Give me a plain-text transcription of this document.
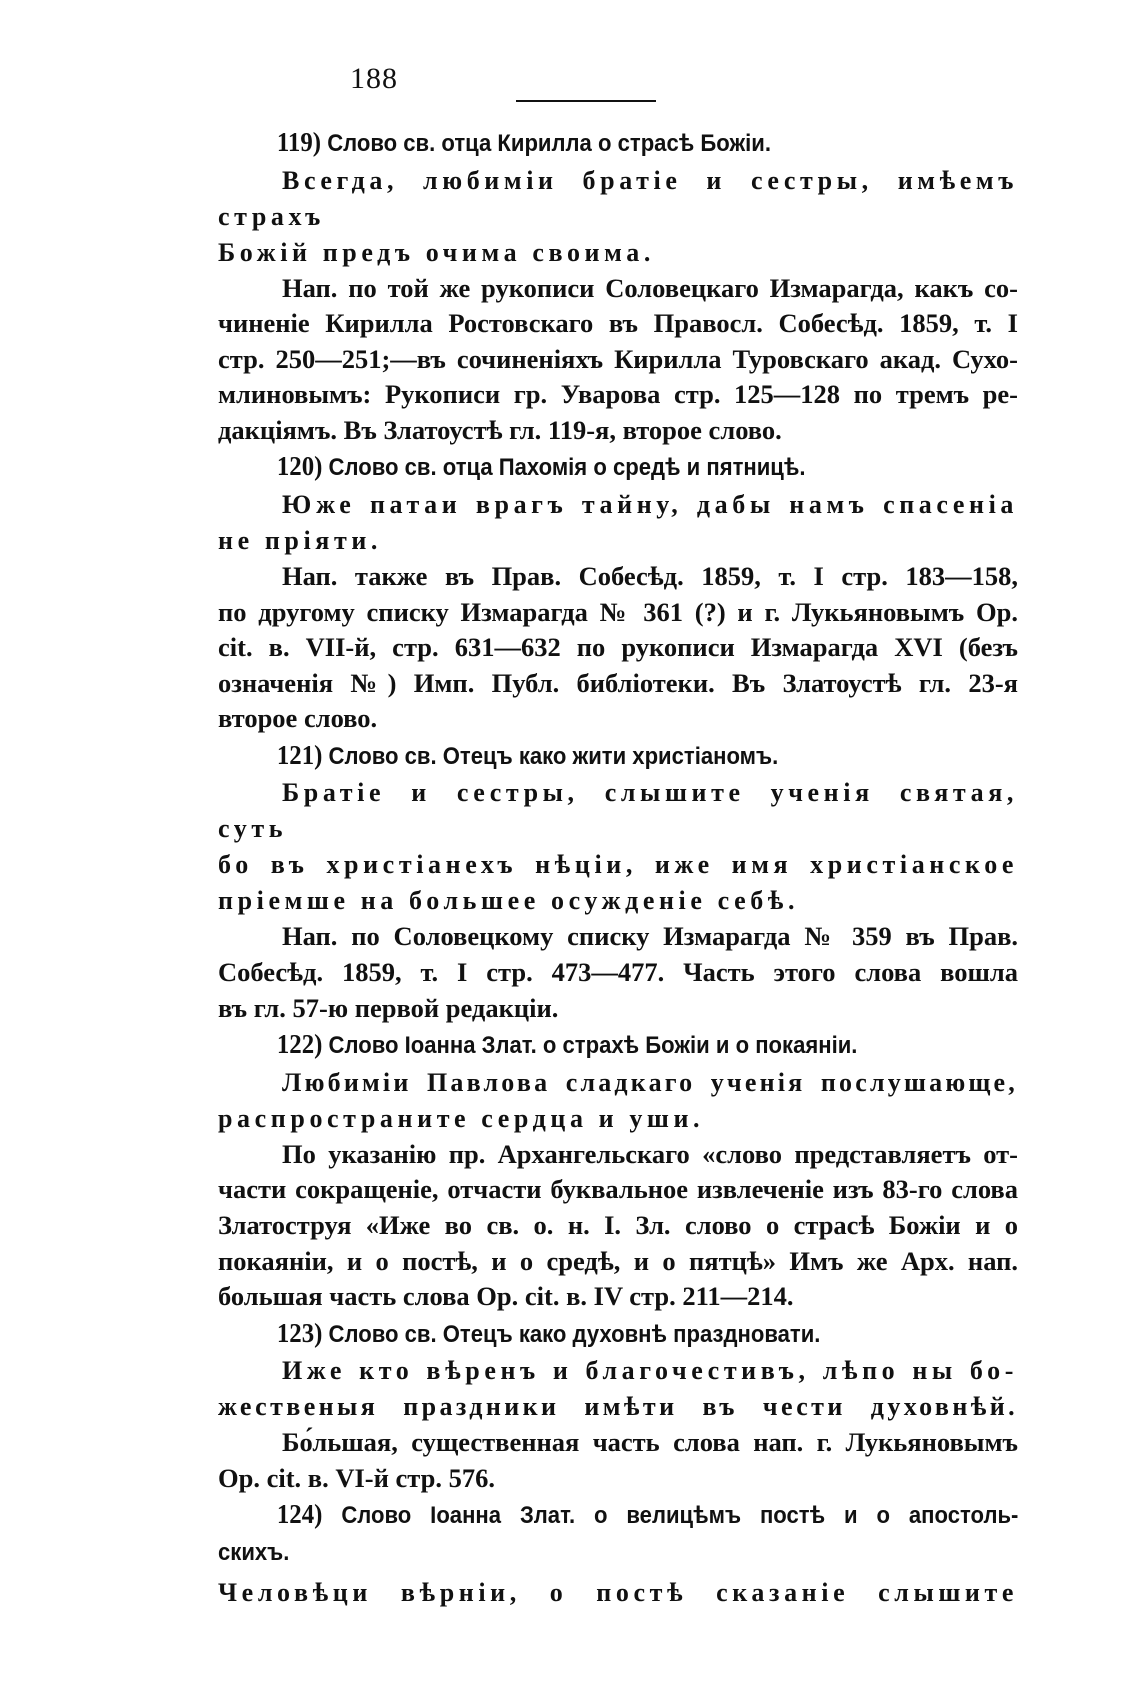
188

119) Слово св. отца Кирилла о страсѣ Божіи.

Всегда, любиміи братіе и сестры, имѣемъ страхъ
Божій предъ очима своима.

Нап. по той же рукописи Соловецкаго Измарагда, какъ со-
чиненіе Кирилла Ростовскаго въ Правосл. Собесѣд. 1859, т. I
стр. 250—251;—въ сочиненіяхъ Кирилла Туровскаго акад. Сухо-
млиновымъ: Рукописи гр. Уварова стр. 125—128 по тремъ ре-
дакціямъ. Въ Златоустѣ гл. 119-я, второе слово.

120) Слово св. отца Пахомія о средѣ и пятницѣ.

Юже патаи врагъ тайну, дабы намъ спасеніа
не пріяти.

Нап. также въ Прав. Собесѣд. 1859, т. I стр. 183—158,
по другому списку Измарагда № 361 (?) и г. Лукьяновымъ Ор.
cit. в. VII-й, стр. 631—632 по рукописи Измарагда XVI (безъ
означенія №) Имп. Публ. библіотеки. Въ Златоустѣ гл. 23-я
второе слово.

121) Слово св. Отецъ како жити христіаномъ.

Братіе и сестры, слышите ученія святая, суть
бо въ христіанехъ нѣціи, иже имя христіанское
пріемше на большее осужденіе себѣ.

Нап. по Соловецкому списку Измарагда № 359 въ Прав.
Собесѣд. 1859, т. I стр. 473—477. Часть этого слова вошла
въ гл. 57-ю первой редакціи.

122) Слово Іоанна Злат. о страхѣ Божіи и о покаяніи.

Любиміи Павлова сладкаго ученія послушающе,
распространите сердца и уши.

По указанію пр. Архангельскаго «слово представляетъ от-
части сокращеніе, отчасти буквальное извлеченіе изъ 83-го слова
Златоструя «Иже во св. о. н. І. Зл. слово о страсѣ Божіи и о
покаяніи, и о постѣ, и о средѣ, и о пятцѣ» Имъ же Арх. нап.
большая часть слова Ор. cit. в. IV стр. 211—214.

123) Слово св. Отецъ како духовнѣ праздновати.

Иже кто вѣренъ и благочестивъ, лѣпо ны бо-
жественыя праздники имѣти въ чести духовнѣй.

Бо́льшая, существенная часть слова нап. г. Лукьяновымъ
Ор. cit. в. VI-й стр. 576.

124) Слово Іоанна Злат. о велицѣмъ постѣ и о апостоль-
скихъ.

Человѣци вѣрніи, о постѣ сказаніе слышите
